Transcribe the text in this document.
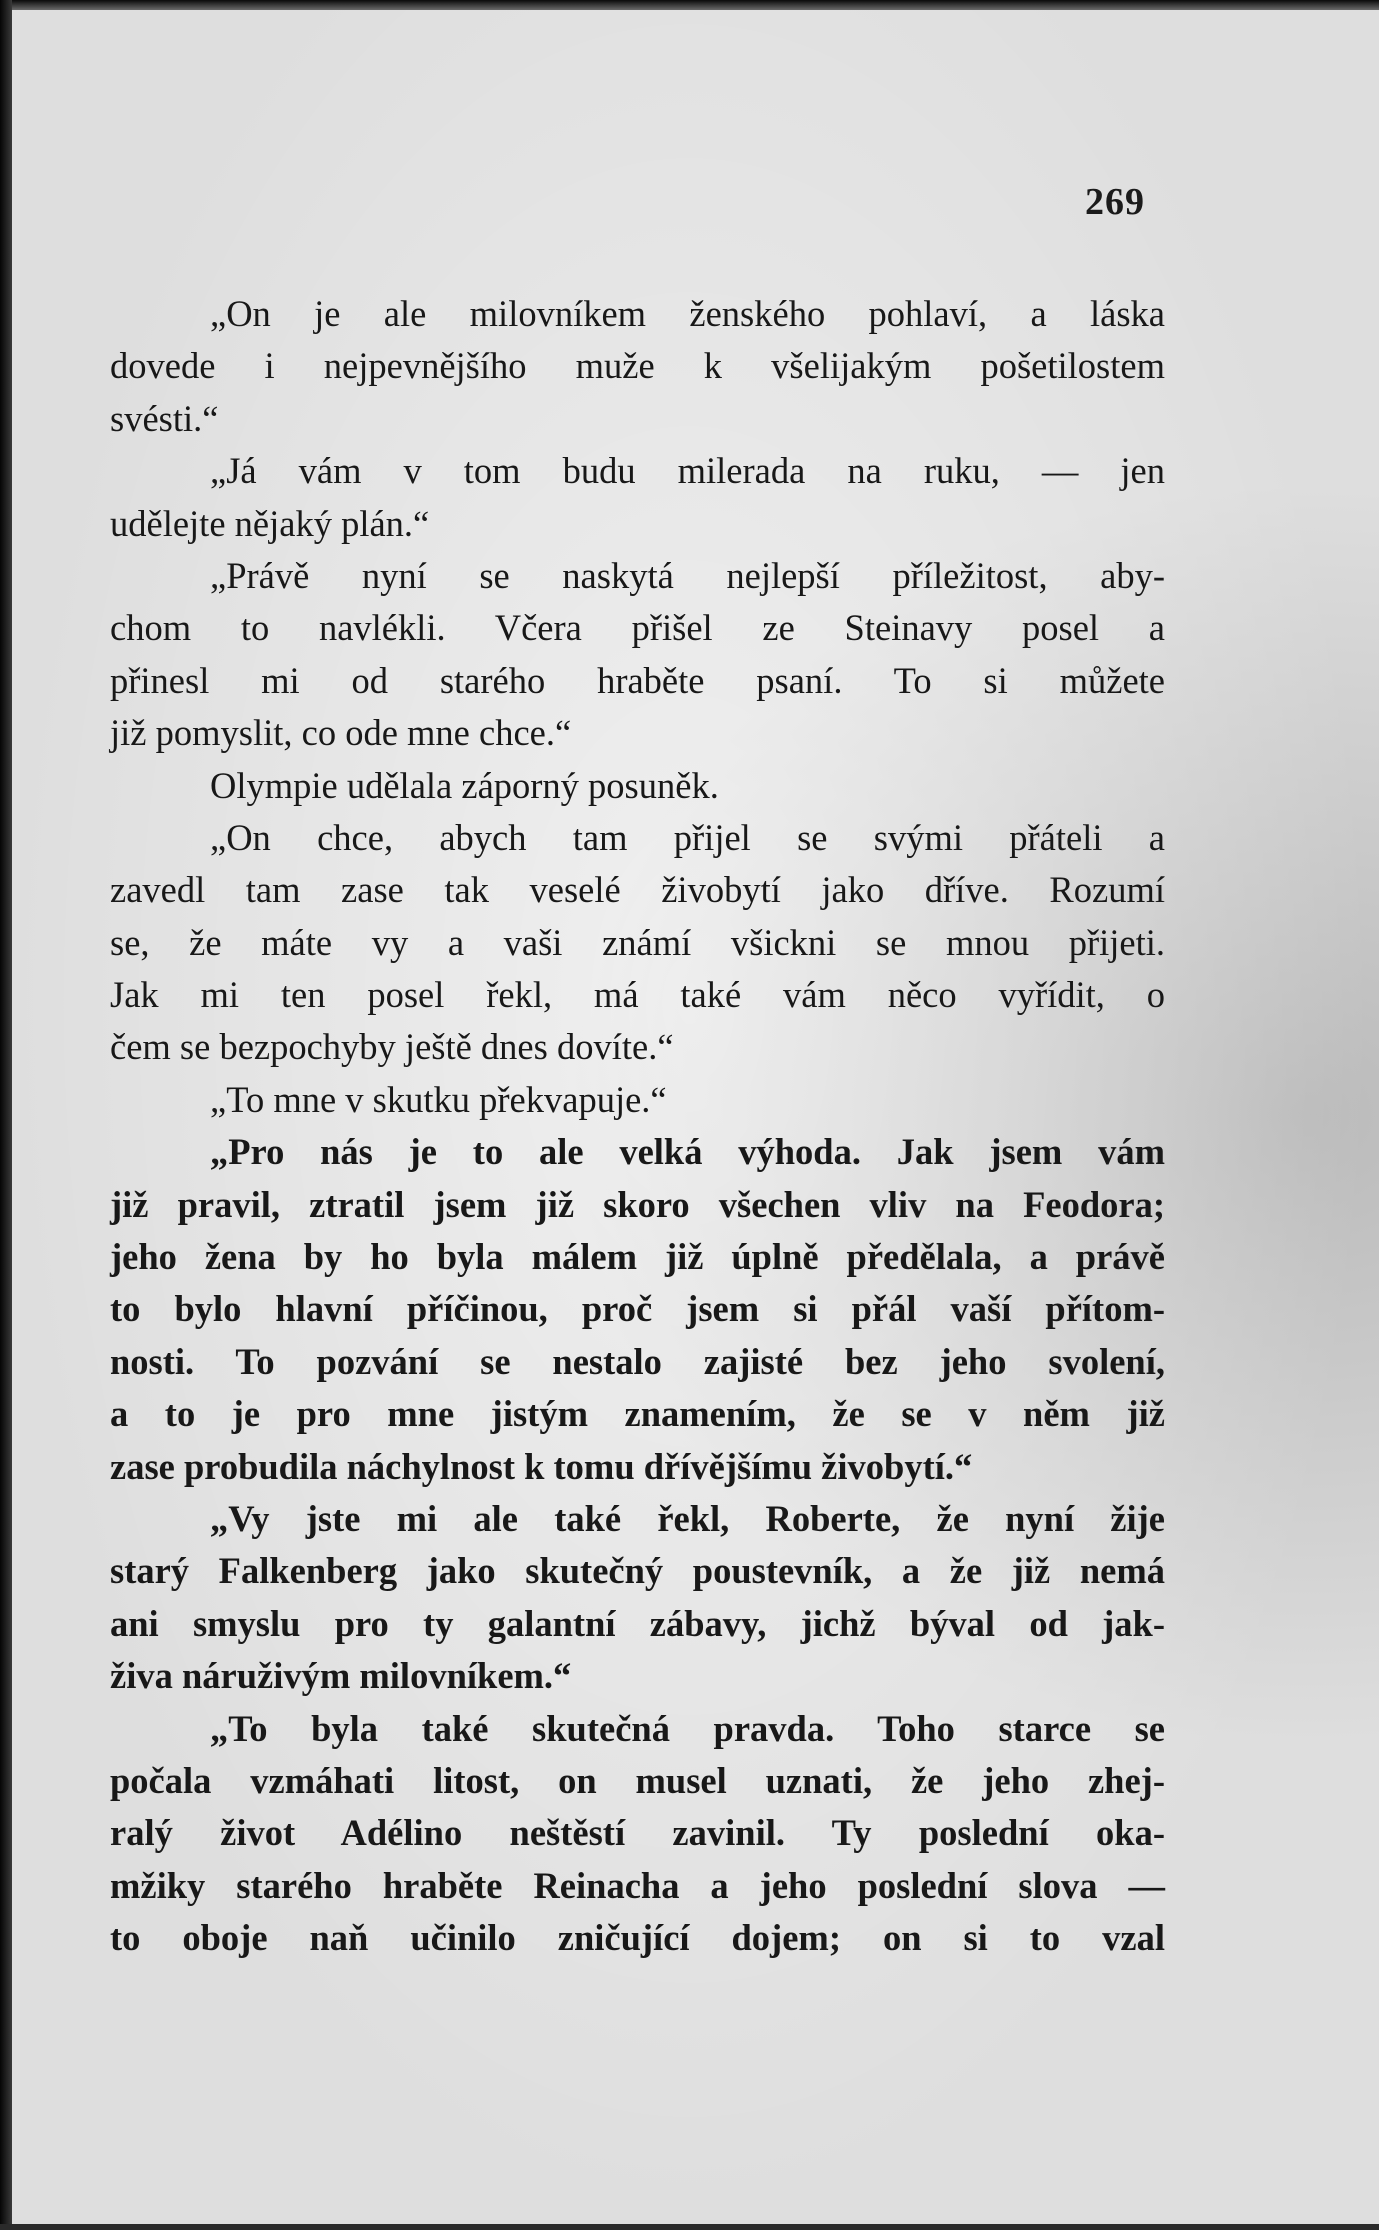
269
„On je ale milovníkem ženského pohlaví, a láska
dovede i nejpevnějšího muže k všelijakým pošetilostem
svésti.“
„Já vám v tom budu milerada na ruku, — jen
udělejte nějaký plán.“
„Právě nyní se naskytá nejlepší příležitost, aby-
chom to navlékli. Včera přišel ze Steinavy posel a
přinesl mi od starého hraběte psaní. To si můžete
již pomyslit, co ode mne chce.“
Olympie udělala záporný posuněk.
„On chce, abych tam přijel se svými přáteli a
zavedl tam zase tak veselé živobytí jako dříve. Rozumí
se, že máte vy a vaši známí všickni se mnou přijeti.
Jak mi ten posel řekl, má také vám něco vyřídit, o
čem se bezpochyby ještě dnes dovíte.“
„To mne v skutku překvapuje.“
„Pro nás je to ale velká výhoda. Jak jsem vám
již pravil, ztratil jsem již skoro všechen vliv na Feodora;
jeho žena by ho byla málem již úplně předělala, a právě
to bylo hlavní příčinou, proč jsem si přál vaší přítom-
nosti. To pozvání se nestalo zajisté bez jeho svolení,
a to je pro mne jistým znamením, že se v něm již
zase probudila náchylnost k tomu dřívějšímu živobytí.“
„Vy jste mi ale také řekl, Roberte, že nyní žije
starý Falkenberg jako skutečný poustevník, a že již nemá
ani smyslu pro ty galantní zábavy, jichž býval od jak-
živa náruživým milovníkem.“
„To byla také skutečná pravda. Toho starce se
počala vzmáhati litost, on musel uznati, že jeho zhej-
ralý život Adélino neštěstí zavinil. Ty poslední oka-
mžiky starého hraběte Reinacha a jeho poslední slova —
to oboje naň učinilo zničující dojem; on si to vzal
